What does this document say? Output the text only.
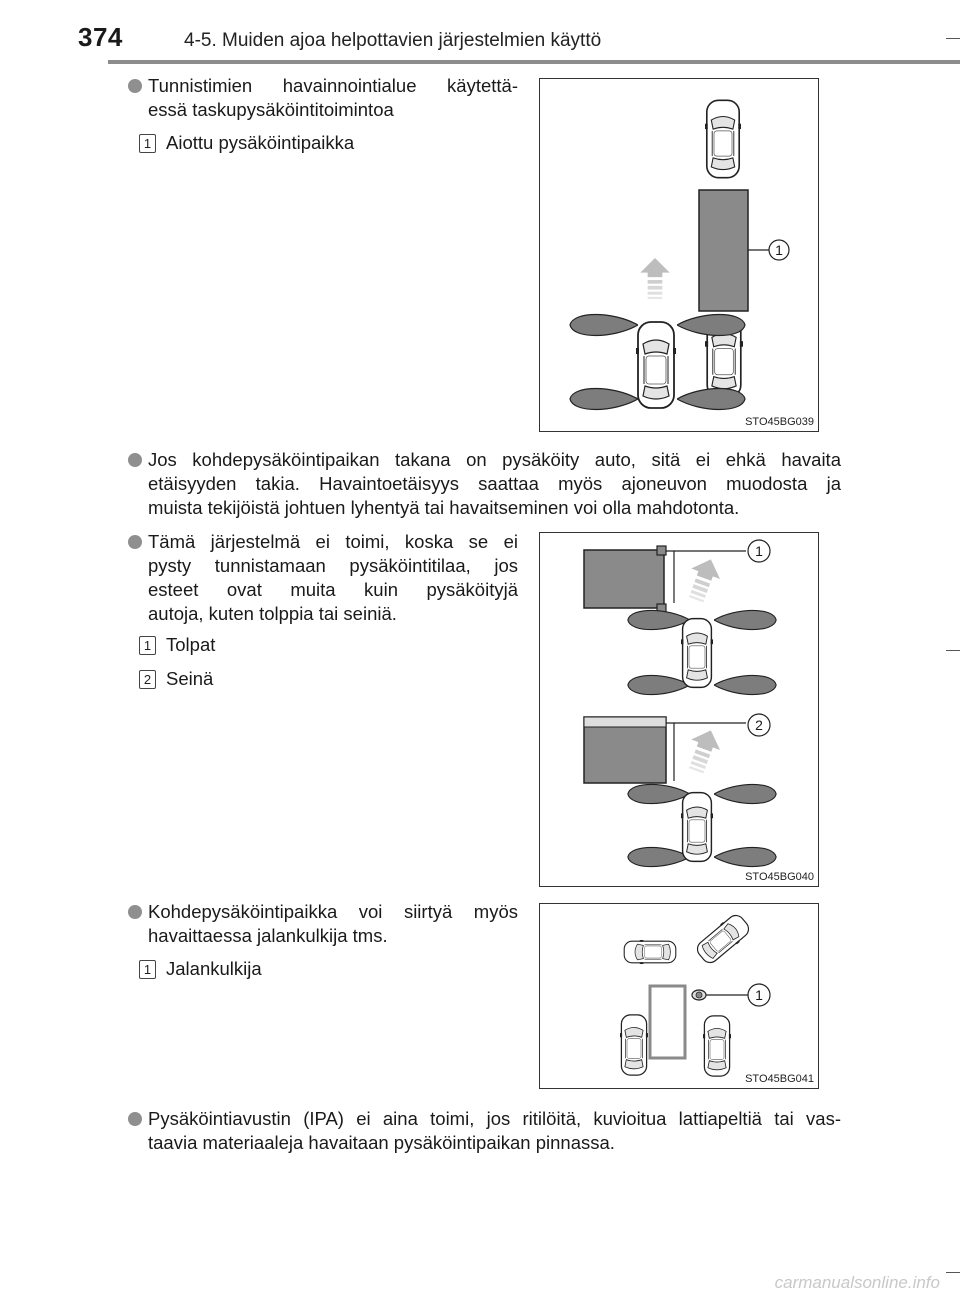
374	4-5. Muiden ajoa helpottavien järjestelmien käyttö
Tunnistimien havainnointialue käytettä-
essä taskupysäköintitoimintoa
1 Aiottu pysäköintipaikka
1
STO45BG039
Jos kohdepysäköintipaikan takana on pysäköity auto, sitä ei ehkä havaita
etäisyyden takia. Havaintoetäisyys saattaa myös ajoneuvon muodosta ja
muista tekijöistä johtuen lyhentyä tai havaitseminen voi olla mahdotonta.
Tämä järjestelmä ei toimi, koska se ei
pysty tunnistamaan pysäköintitilaa, jos
esteet ovat muita kuin pysäköityjä
autoja, kuten tolppia tai seiniä.
1 Tolpat
2 Seinä
1
2
STO45BG040
Kohdepysäköintipaikka voi siirtyä myös
havaittaessa jalankulkija tms.
1 Jalankulkija
1
STO45BG041
Pysäköintiavustin (IPA) ei aina toimi, jos ritilöitä, kuvioitua lattiapeltiä tai vas-
taavia materiaaleja havaitaan pysäköintipaikan pinnassa.
carmanualsonline.info
